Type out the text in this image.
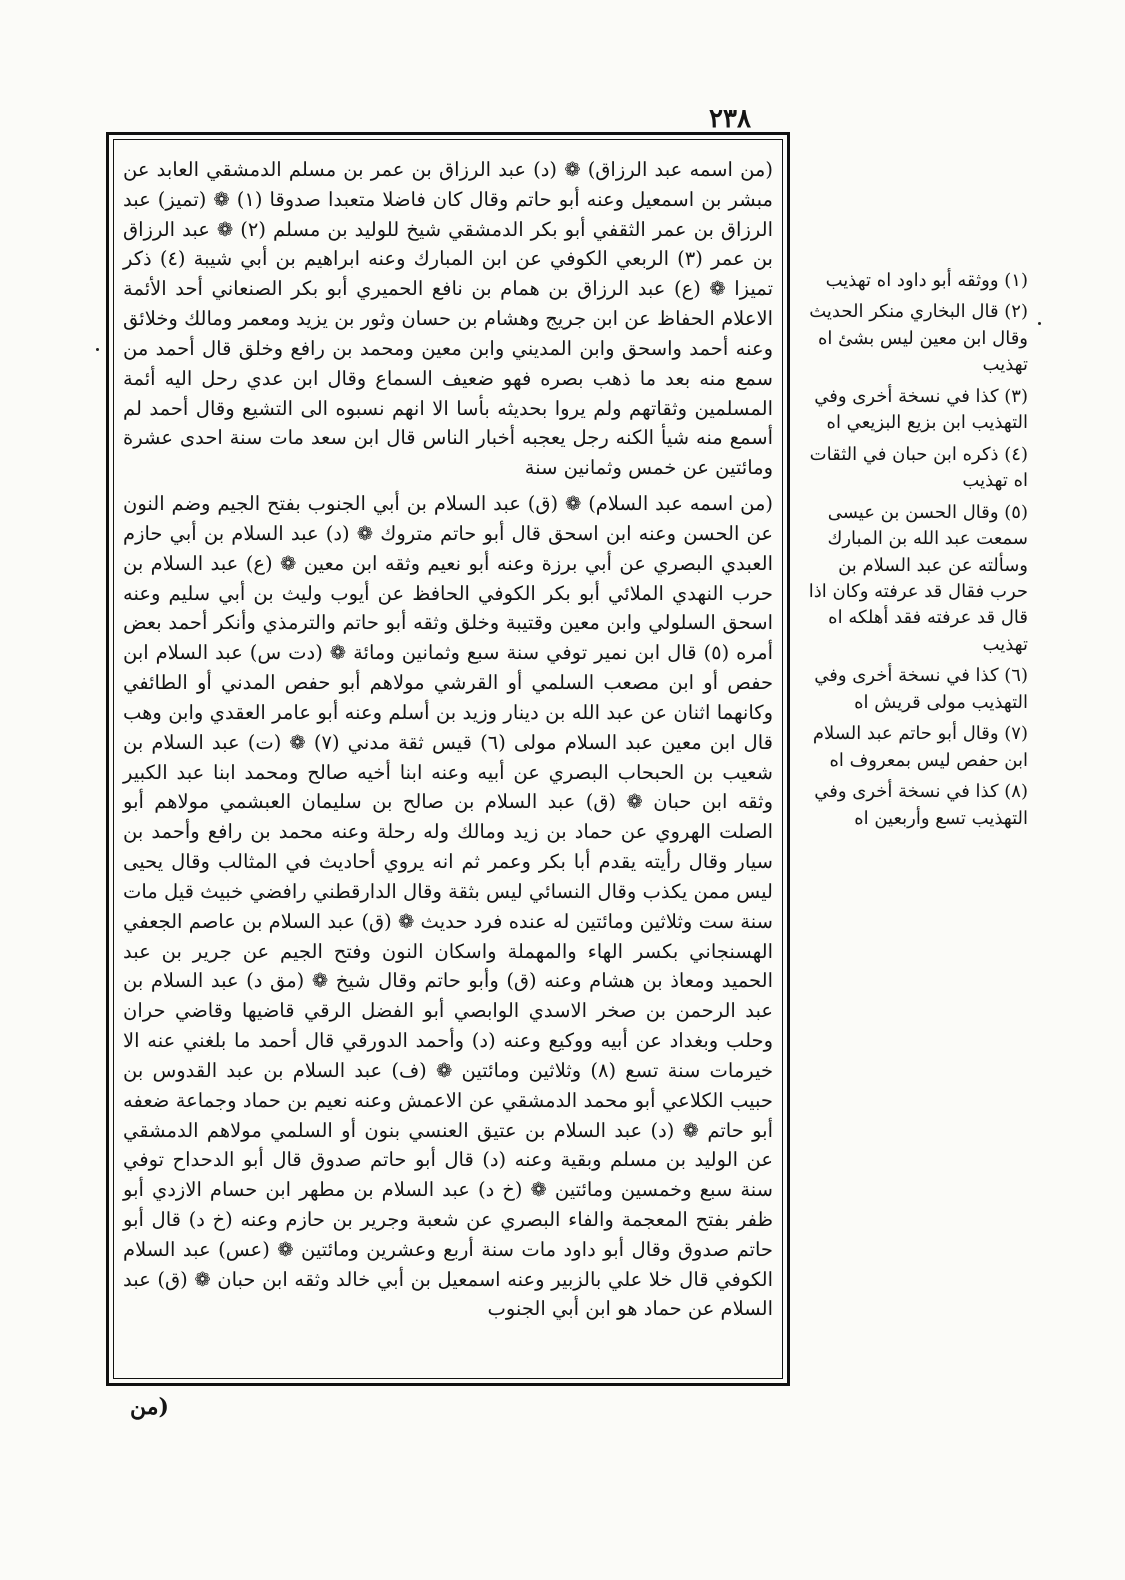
٢٣٨

(من اسمه عبد الرزاق) ❁ (د) عبد الرزاق بن عمر بن مسلم الدمشقي العابد عن مبشر بن اسمعيل وعنه أبو حاتم وقال كان فاضلا متعبدا صدوقا (١) ❁ (تميز) عبد الرزاق بن عمر الثقفي أبو بكر الدمشقي شيخ للوليد بن مسلم (٢) ❁ عبد الرزاق بن عمر (٣) الربعي الكوفي عن ابن المبارك وعنه ابراهيم بن أبي شيبة (٤) ذكر تميزا ❁ (ع) عبد الرزاق بن همام بن نافع الحميري أبو بكر الصنعاني أحد الأئمة الاعلام الحفاظ عن ابن جريج وهشام بن حسان وثور بن يزيد ومعمر ومالك وخلائق وعنه أحمد واسحق وابن المديني وابن معين ومحمد بن رافع وخلق قال أحمد من سمع منه بعد ما ذهب بصره فهو ضعيف السماع وقال ابن عدي رحل اليه أئمة المسلمين وثقاتهم ولم يروا بحديثه بأسا الا انهم نسبوه الى التشيع وقال أحمد لم أسمع منه شيأ الكنه رجل يعجبه أخبار الناس قال ابن سعد مات سنة احدى عشرة ومائتين عن خمس وثمانين سنة

(من اسمه عبد السلام) ❁ (ق) عبد السلام بن أبي الجنوب بفتح الجيم وضم النون عن الحسن وعنه ابن اسحق قال أبو حاتم متروك ❁ (د) عبد السلام بن أبي حازم العبدي البصري عن أبي برزة وعنه أبو نعيم وثقه ابن معين ❁ (ع) عبد السلام بن حرب النهدي الملائي أبو بكر الكوفي الحافظ عن أيوب وليث بن أبي سليم وعنه اسحق السلولي وابن معين وقتيبة وخلق وثقه أبو حاتم والترمذي وأنكر أحمد بعض أمره (٥) قال ابن نمير توفي سنة سبع وثمانين ومائة ❁ (دت س) عبد السلام ابن حفص أو ابن مصعب السلمي أو القرشي مولاهم أبو حفص المدني أو الطائفي وكانهما اثنان عن عبد الله بن دينار وزيد بن أسلم وعنه أبو عامر العقدي وابن وهب قال ابن معين عبد السلام مولى (٦) قيس ثقة مدني (٧) ❁ (ت) عبد السلام بن شعيب بن الحبحاب البصري عن أبيه وعنه ابنا أخيه صالح ومحمد ابنا عبد الكبير وثقه ابن حبان ❁ (ق) عبد السلام بن صالح بن سليمان العبشمي مولاهم أبو الصلت الهروي عن حماد بن زيد ومالك وله رحلة وعنه محمد بن رافع وأحمد بن سيار وقال رأيته يقدم أبا بكر وعمر ثم انه يروي أحاديث في المثالب وقال يحيى ليس ممن يكذب وقال النسائي ليس بثقة وقال الدارقطني رافضي خبيث قيل مات سنة ست وثلاثين ومائتين له عنده فرد حديث ❁ (ق) عبد السلام بن عاصم الجعفي الهسنجاني بكسر الهاء والمهملة واسكان النون وفتح الجيم عن جرير بن عبد الحميد ومعاذ بن هشام وعنه (ق) وأبو حاتم وقال شيخ ❁ (مق د) عبد السلام بن عبد الرحمن بن صخر الاسدي الوابصي أبو الفضل الرقي قاضيها وقاضي حران وحلب وبغداد عن أبيه ووكيع وعنه (د) وأحمد الدورقي قال أحمد ما بلغني عنه الا خيرمات سنة تسع (٨) وثلاثين ومائتين ❁ (ف) عبد السلام بن عبد القدوس بن حبيب الكلاعي أبو محمد الدمشقي عن الاعمش وعنه نعيم بن حماد وجماعة ضعفه أبو حاتم ❁ (د) عبد السلام بن عتيق العنسي بنون أو السلمي مولاهم الدمشقي عن الوليد بن مسلم وبقية وعنه (د) قال أبو حاتم صدوق قال أبو الدحداح توفي سنة سبع وخمسين ومائتين ❁ (خ د) عبد السلام بن مطهر ابن حسام الازدي أبو ظفر بفتح المعجمة والفاء البصري عن شعبة وجرير بن حازم وعنه (خ د) قال أبو حاتم صدوق وقال أبو داود مات سنة أربع وعشرين ومائتين ❁ (عس) عبد السلام الكوفي قال خلا علي بالزبير وعنه اسمعيل بن أبي خالد وثقه ابن حبان ❁ (ق) عبد السلام عن حماد هو ابن أبي الجنوب

(١) ووثقه أبو داود اه تهذيب

(٢) قال البخاري منكر الحديث وقال ابن معين ليس بشئ اه تهذيب

(٣) كذا في نسخة أخرى وفي التهذيب ابن بزيع البزيعي اه

(٤) ذكره ابن حبان في الثقات اه تهذيب

(٥) وقال الحسن بن عيسى سمعت عبد الله بن المبارك وسألته عن عبد السلام بن حرب فقال قد عرفته وكان اذا قال قد عرفته فقد أهلكه اه تهذيب

(٦) كذا في نسخة أخرى وفي التهذيب مولى قريش اه

(٧) وقال أبو حاتم عبد السلام ابن حفص ليس بمعروف اه

(٨) كذا في نسخة أخرى وفي التهذيب تسع وأربعين اه

(من
